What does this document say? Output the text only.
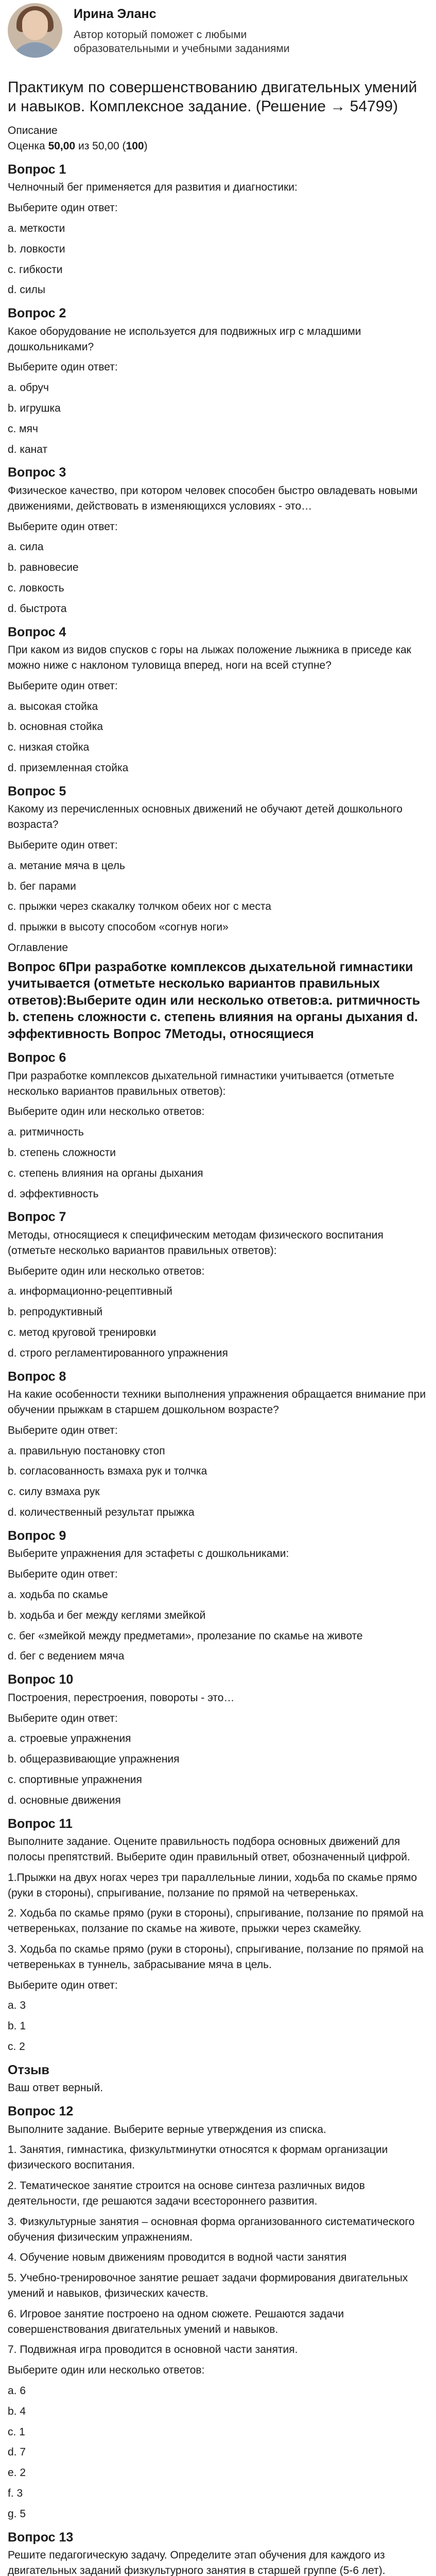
Ирина Эланс
Автор который поможет с любыми образовательными и учебными заданиями
Практикум по совершенствованию двигательных умений и навыков. Комплексное задание. (Решение → 54799)

Описание

Оценка 50,00 из 50,00 (100)

Вопрос 1

Челночный бег применяется для развития и диагностики:

Выберите один ответ:

a. меткости

b. ловкости

c. гибкости

d. силы

Вопрос 2

Какое оборудование не используется для подвижных игр с младшими дошкольниками?

Выберите один ответ:

a. обруч

b. игрушка

c. мяч

d. канат

Вопрос 3

Физическое качество, при котором человек способен быстро овладевать новыми движениями, действовать в изменяющихся условиях - это…

Выберите один ответ:

a. сила

b. равновесие

c. ловкость

d. быстрота

Вопрос 4

При каком из видов спусков с горы на лыжах положение лыжника в приседе как можно ниже с наклоном туловища вперед, ноги на всей ступне?

Выберите один ответ:

a. высокая стойка

b. основная стойка

c. низкая стойка

d. приземленная стойка

Вопрос 5

Какому из перечисленных основных движений не обучают детей дошкольного возраста?

Выберите один ответ:

a. метание мяча в цель

b. бег парами

c. прыжки через скакалку толчком обеих ног с места

d. прыжки в высоту способом «согнув ноги»

Оглавление

Вопрос 6При разработке комплексов дыхательной гимнастики учитывается (отметьте несколько вариантов правильных ответов):Выберите один или несколько ответов:a. ритмичность b. степень сложности c. степень влияния на органы дыхания d. эффективность Вопрос 7Методы, относящиеся
Вопрос 6

При разработке комплексов дыхательной гимнастики учитывается (отметьте несколько вариантов правильных ответов):

Выберите один или несколько ответов:

a. ритмичность

b. степень сложности

c. степень влияния на органы дыхания

d. эффективность

Вопрос 7

Методы, относящиеся к специфическим методам физического воспитания (отметьте несколько вариантов правильных ответов):

Выберите один или несколько ответов:

a. информационно-рецептивный

b. репродуктивный

c. метод круговой тренировки

d. строго регламентированного упражнения

Вопрос 8

На какие особенности техники выполнения упражнения обращается внимание при обучении прыжкам в старшем дошкольном возрасте?

Выберите один ответ:

a. правильную постановку стоп

b. согласованность взмаха рук и толчка

c. силу взмаха рук

d. количественный результат прыжка

Вопрос 9

Выберите упражнения для эстафеты с дошкольниками:

Выберите один ответ:

a. ходьба по скамье

b. ходьба и бег между кеглями змейкой

c. бег «змейкой между предметами», пролезание по скамье на животе

d. бег с ведением мяча

Вопрос 10

Построения, перестроения, повороты - это…

Выберите один ответ:

a. строевые упражнения

b. общеразвивающие упражнения

c. спортивные упражнения

d. основные движения

Вопрос 11

Выполните задание. Оцените правильность подбора основных движений для полосы препятствий. Выберите один правильный ответ, обозначенный цифрой.

1.Прыжки на двух ногах через три параллельные линии, ходьба по скамье прямо (руки в стороны), спрыгивание, ползание по прямой на четвереньках.

2. Ходьба по скамье прямо (руки в стороны), спрыгивание, ползание по прямой на четвереньках, ползание по скамье на животе, прыжки через скамейку.

3. Ходьба по скамье прямо (руки в стороны), спрыгивание, ползание по прямой на четвереньках в туннель, забрасывание мяча в цель.

Выберите один ответ:

a. 3

b. 1

c. 2

Отзыв

Ваш ответ верный.

Вопрос 12

Выполните задание. Выберите верные утверждения из списка.

1. Занятия, гимнастика, физкультминутки относятся к формам организации физического воспитания.

2. Тематическое занятие строится на основе синтеза различных видов деятельности, где решаются задачи всестороннего развития.

3. Физкультурные занятия – основная форма организованного систематического обучения физическим упражнениям.

4. Обучение новым движениям проводится в водной части занятия

5. Учебно-тренировочное занятие решает задачи формирования двигательных умений и навыков, физических качеств.

6. Игровое занятие построено на одном сюжете. Решаются задачи совершенствования двигательных умений и навыков.

7. Подвижная игра проводится в основной части занятия.

Выберите один или несколько ответов:

a. 6

b. 4

c. 1

d. 7

e. 2

f. 3

g. 5

Вопрос 13

Решите педагогическую задачу. Определите этап обучения для каждого из двигательных заданий физкультурного занятия в старшей группе (5-6 лет).
